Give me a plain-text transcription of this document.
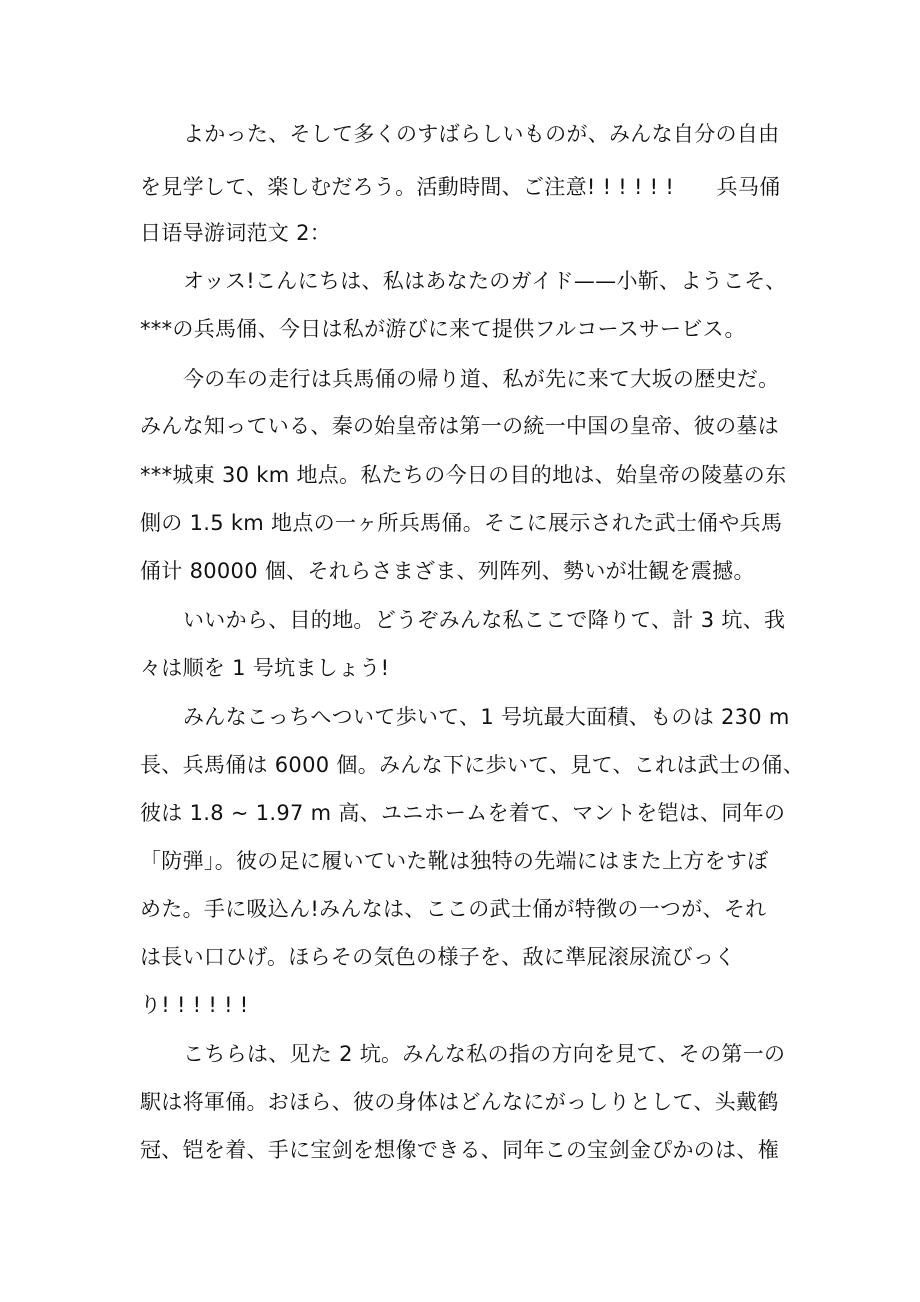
よかった、そして多くのすばらしいものが、みんな自分の自由
を見学して、楽しむだろう。活動時間、ご注意! ! ! ! ! !　　兵马俑
日语导游词范文 2：
オッス!こんにちは、私はあなたのガイド——小靳、ようこそ、
***の兵馬俑、今日は私が游びに来て提供フルコースサービス。
今の车の走行は兵馬俑の帰り道、私が先に来て大坂の歴史だ。
みんな知っている、秦の始皇帝は第一の統一中国の皇帝、彼の墓は
***城東 30 km 地点。私たちの今日の目的地は、始皇帝の陵墓の东
側の 1.5 km 地点の一ヶ所兵馬俑。そこに展示された武士俑や兵馬
俑计 80000 個、それらさまざま、列阵列、勢いが壮観を震撼。
いいから、目的地。どうぞみんな私ここで降りて、計 3 坑、我
々は顺を 1 号坑ましょう!
みんなこっちへついて歩いて、1 号坑最大面積、ものは 230 m
長、兵馬俑は 6000 個。みんな下に歩いて、見て、これは武士の俑、
彼は 1.8 ~ 1.97 m 高、ユニホームを着て、マントを铠は、同年の
「防弾」。彼の足に履いていた靴は独特の先端にはまた上方をすぼ
めた。手に吸込ん!みんなは、ここの武士俑が特徴の一つが、それ
は長い口ひげ。ほらその気色の様子を、敌に準屁滚尿流びっく
り! ! ! ! ! !
こちらは、见た 2 坑。みんな私の指の方向を見て、その第一の
駅は将軍俑。おほら、彼の身体はどんなにがっしりとして、头戴鹤
冠、铠を着、手に宝剑を想像できる、同年この宝剑金ぴかのは、権
